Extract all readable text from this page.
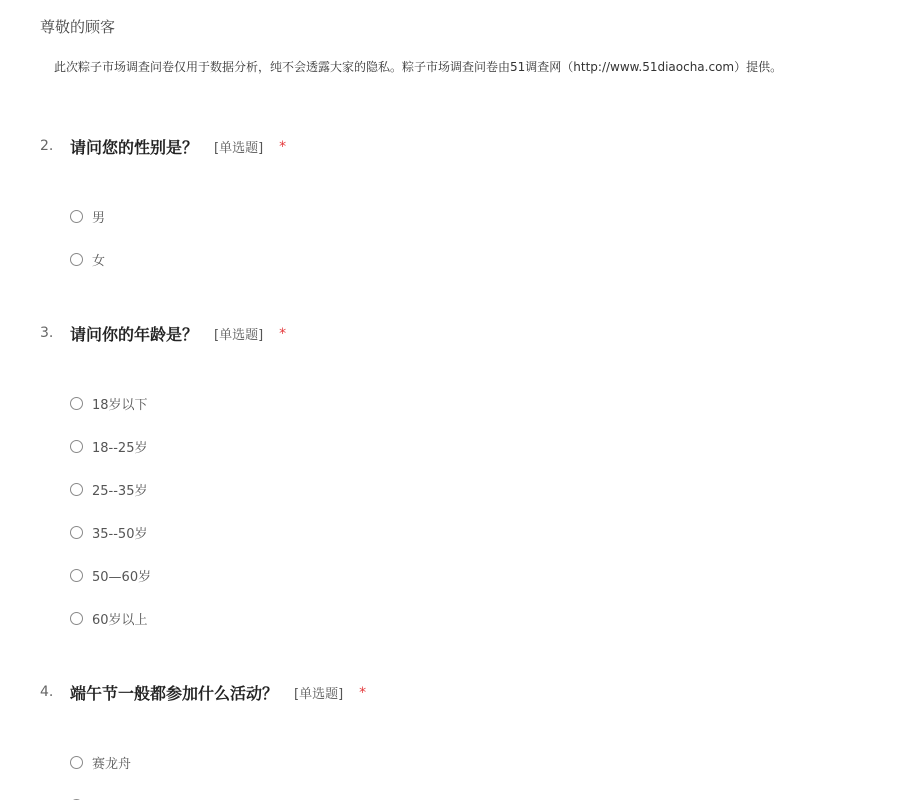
尊敬的顾客
此次粽子市场调查问卷仅用于数据分析，纯不会透露大家的隐私。粽子市场调查问卷由51调查网（http://www.51diaocha.com）提供。
2. 请问您的性别是？ [单选题] *
男
女
3. 请问你的年龄是？ [单选题] *
18岁以下
18--25岁
25--35岁
35--50岁
50—60岁
60岁以上
4. 端午节一般都参加什么活动？ [单选题] *
赛龙舟
